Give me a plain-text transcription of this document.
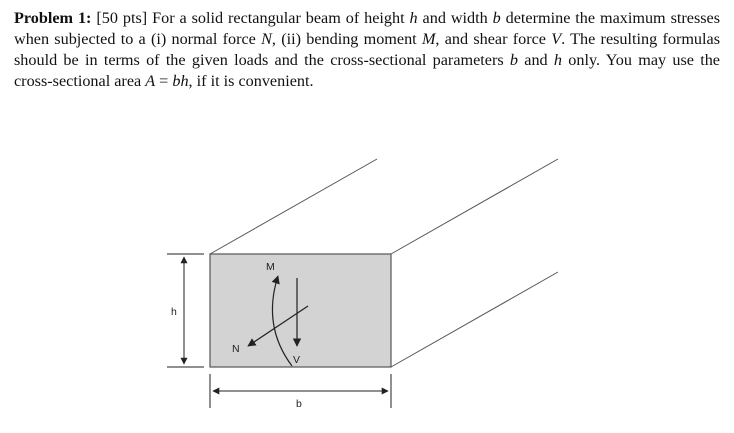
Problem 1: [50 pts] For a solid rectangular beam of height h and width b determine the maximum stresses when subjected to a (i) normal force N, (ii) bending moment M, and shear force V. The resulting formulas should be in terms of the given loads and the cross-sectional parameters b and h only. You may use the cross-sectional area A = bh, if it is convenient.
M
N
V
h
b
